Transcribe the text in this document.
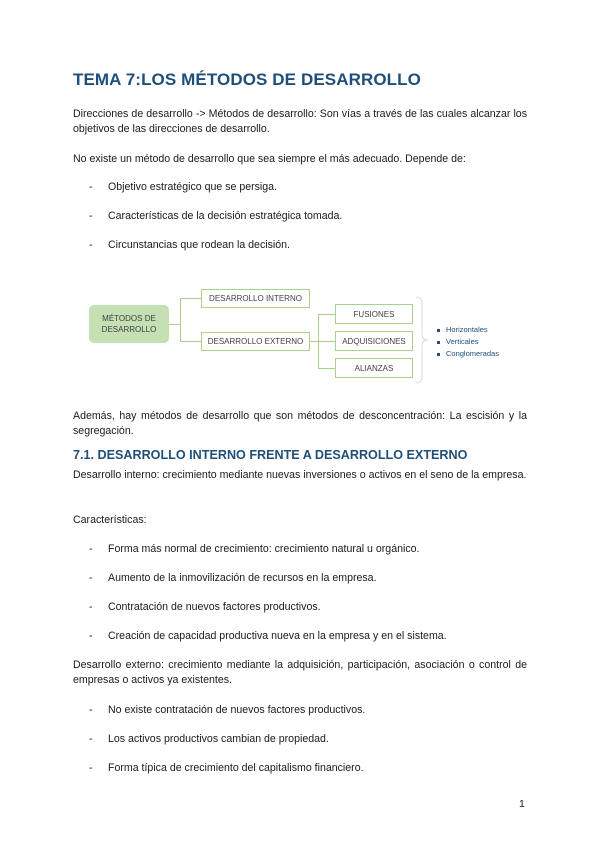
TEMA 7:LOS MÉTODOS DE DESARROLLO
Direcciones de desarrollo -> Métodos de desarrollo: Son vías a través de las cuales alcanzar los objetivos de las direcciones de desarrollo.
No existe un método de desarrollo que sea siempre el más adecuado. Depende de:
- Objetivo estratégico que se persiga.
- Características de la decisión estratégica tomada.
- Circunstancias que rodean la decisión.
MÉTODOS DE DESARROLLO
DESARROLLO INTERNO
DESARROLLO EXTERNO
FUSIONES
ADQUISICIONES
ALIANZAS
Horizontales
Verticales
Conglomeradas
Además, hay métodos de desarrollo que son métodos de desconcentración: La escisión y la segregación.
7.1. DESARROLLO INTERNO FRENTE A DESARROLLO EXTERNO
Desarrollo interno: crecimiento mediante nuevas inversiones o activos en el seno de la empresa.
Características:
- Forma más normal de crecimiento: crecimiento natural u orgánico.
- Aumento de la inmovilización de recursos en la empresa.
- Contratación de nuevos factores productivos.
- Creación de capacidad productiva nueva en la empresa y en el sistema.
Desarrollo externo: crecimiento mediante la adquisición, participación, asociación o control de empresas o activos ya existentes.
- No existe contratación de nuevos factores productivos.
- Los activos productivos cambian de propiedad.
- Forma típica de crecimiento del capitalismo financiero.
1
